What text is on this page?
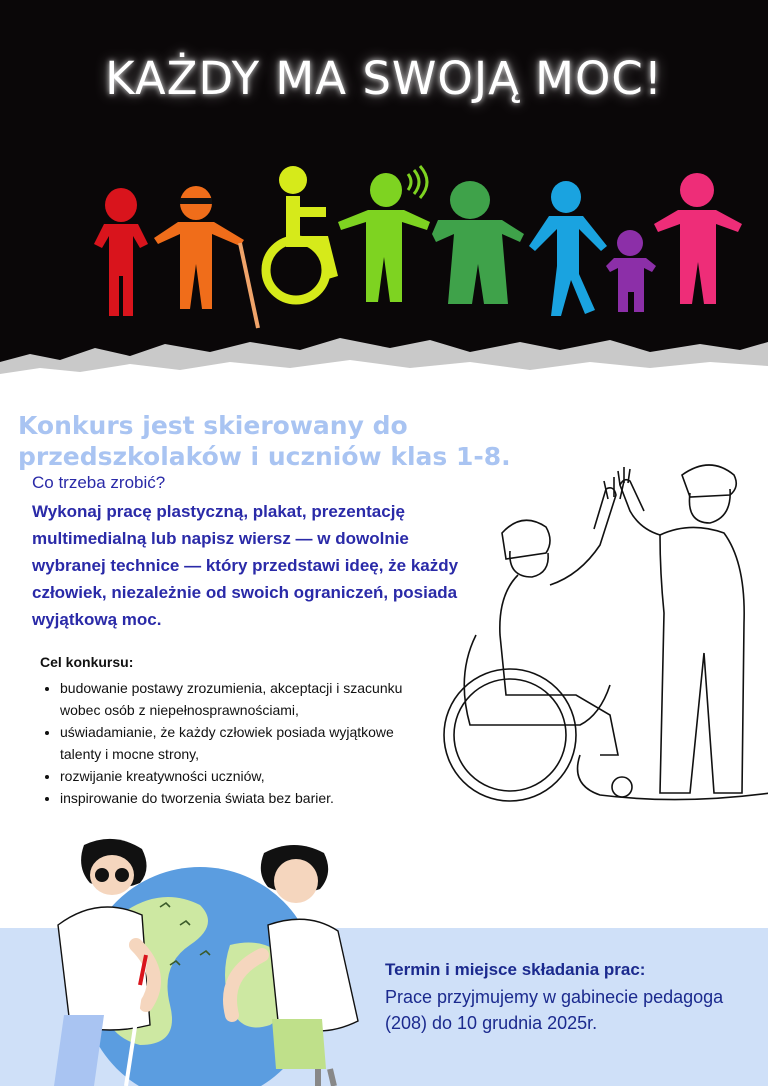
KAŻDY MA SWOJĄ MOC!
Konkurs jest skierowany do przedszkolaków i uczniów klas 1-8.
Co trzeba zrobić?
Wykonaj pracę plastyczną, plakat, prezentację multimedialną lub napisz wiersz — w dowolnie wybranej technice — który przedstawi ideę, że każdy człowiek, niezależnie od swoich ograniczeń, posiada wyjątkową moc.
Cel konkursu:
• budowanie postawy zrozumienia, akceptacji i szacunku wobec osób z niepełnosprawnościami,
• uświadamianie, że każdy człowiek posiada wyjątkowe talenty i mocne strony,
• rozwijanie kreatywności uczniów,
• inspirowanie do tworzenia świata bez barier.
Termin i miejsce składania prac:
Prace przyjmujemy w gabinecie pedagoga (208) do 10 grudnia 2025r.
